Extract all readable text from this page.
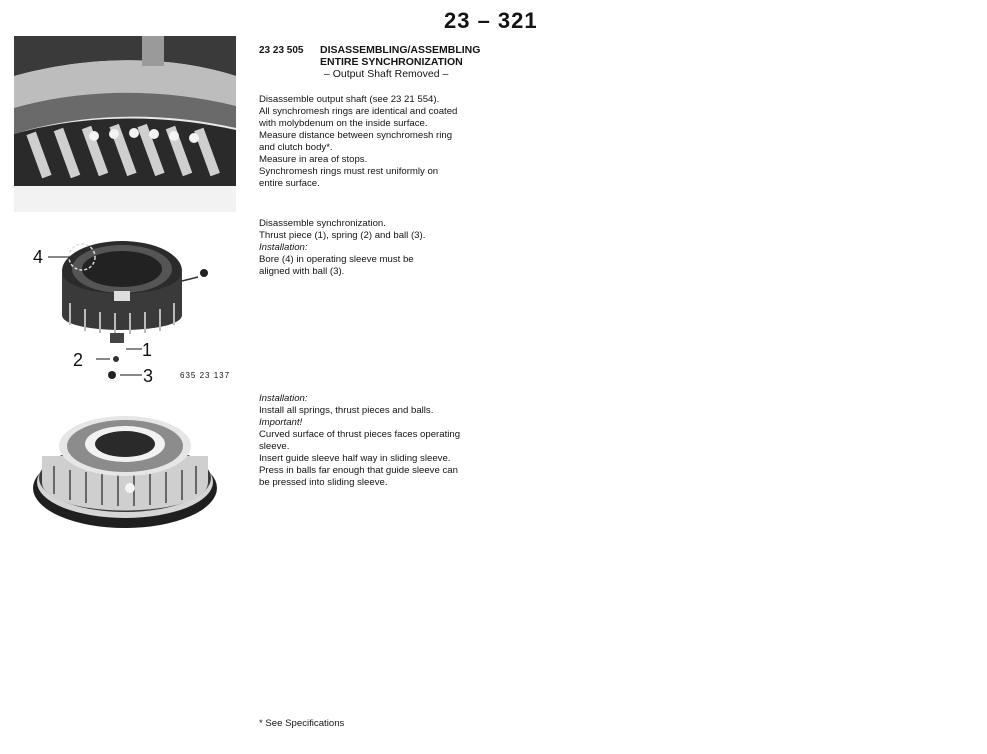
23 – 321
23 23 505 DISASSEMBLING/ASSEMBLING
ENTIRE SYNCHRONIZATION
– Output Shaft Removed –
4
1
2
3	635 23 137

Disassemble output shaft (see 23 21 554).

All synchromesh rings are identical and coated

with molybdenum on the inside surface.

Measure distance between synchromesh ring

and clutch body*.

Measure in area of stops.

Synchromesh rings must rest uniformly on

entire surface.

Disassemble synchronization.

Thrust piece (1), spring (2) and ball (3).

Installation:

Bore (4) in operating sleeve must be

aligned with ball (3).

Installation:

Install all springs, thrust pieces and balls.

Important!

Curved surface of thrust pieces faces operating

sleeve.

Insert guide sleeve half way in sliding sleeve.

Press in balls far enough that guide sleeve can

be pressed into sliding sleeve.

* See Specifications
